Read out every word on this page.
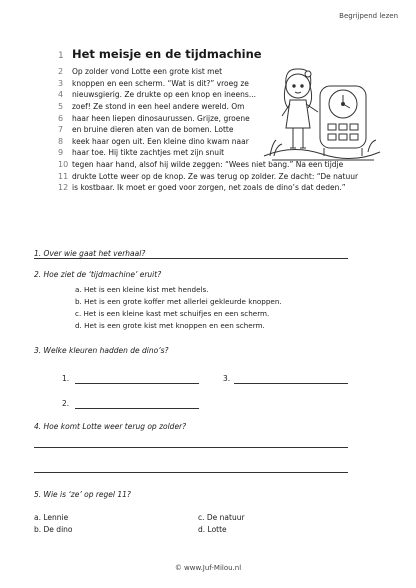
Begrijpend lezen
1 Het meisje en de tijdmachine
2	Op zolder vond Lotte een grote kist met
3	knoppen en een scherm. “Wat is dit?” vroeg ze
4	nieuwsgierig. Ze drukte op een knop en ineens...
5	zoef! Ze stond in een heel andere wereld. Om
6	haar heen liepen dinosaurussen. Grijze, groene
7	en bruine dieren aten van de bomen. Lotte
8	keek haar ogen uit. Een kleine dino kwam naar
9	haar toe. Hij tikte zachtjes met zijn snuit
10 tegen haar hand, alsof hij wilde zeggen: “Wees niet bang.” Na een tijdje
11 drukte Lotte weer op de knop. Ze was terug op zolder. Ze dacht: “De natuur
12 is kostbaar. Ik moet er goed voor zorgen, net zoals de dino’s dat deden.”
1. Over wie gaat het verhaal?
2. Hoe ziet de ‘tijdmachine’ eruit?
a. Het is een kleine kist met hendels.
b. Het is een grote koffer met allerlei gekleurde knoppen.
c. Het is een kleine kast met schuifjes en een scherm.
d. Het is een grote kist met knoppen en een scherm.
3. Welke kleuren hadden de dino’s?
1.	3.
2.
4. Hoe komt Lotte weer terug op zolder?
5. Wie is ‘ze’ op regel 11?
a. Lennie	c. De natuur
b. De dino	d. Lotte
© www.Juf-Milou.nl
